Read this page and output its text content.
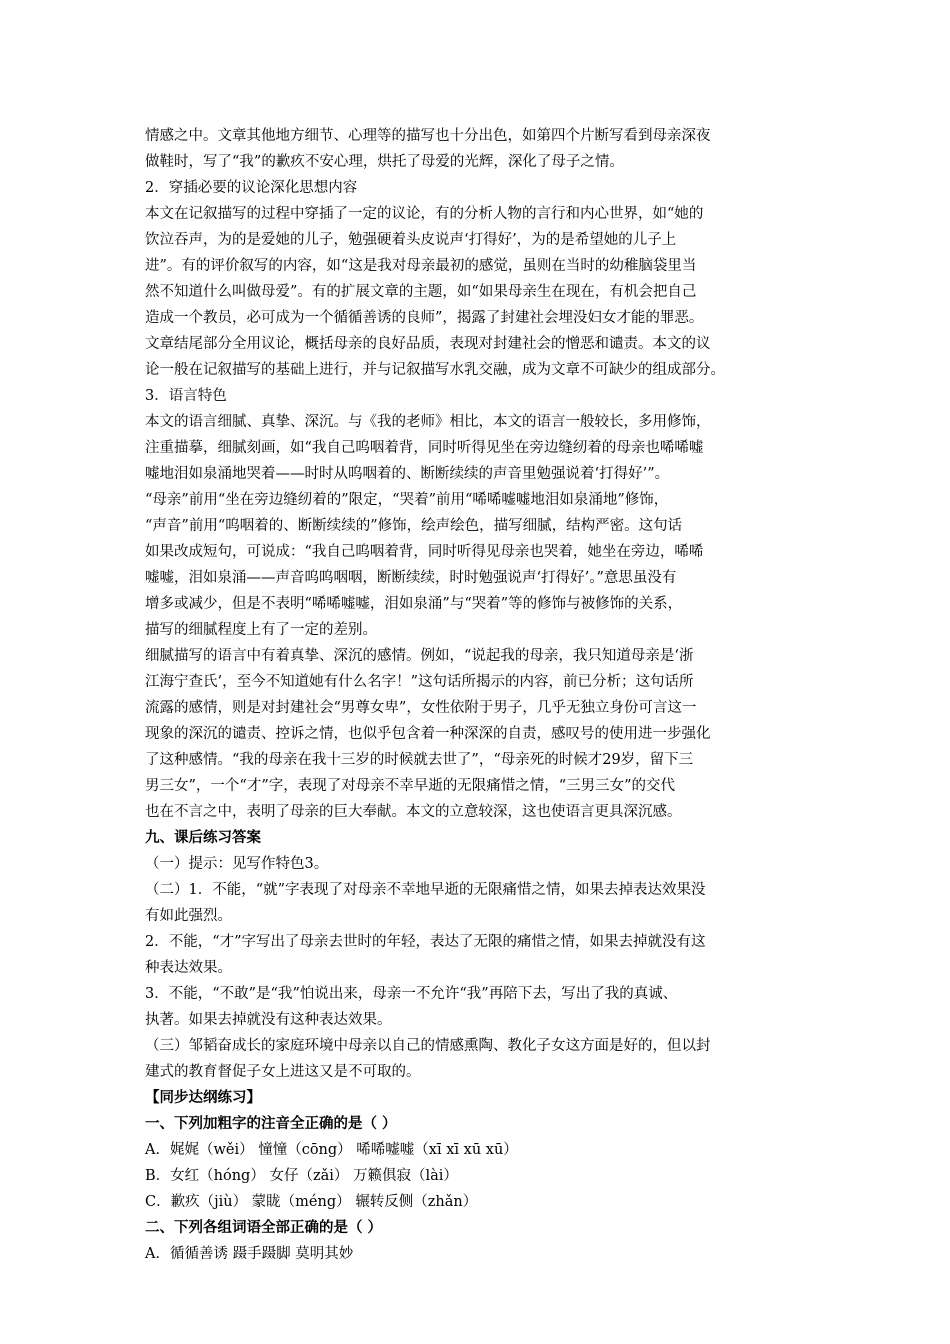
情感之中。文章其他地方细节、心理等的描写也十分出色，如第四个片断写看到母亲深夜
做鞋时，写了“我”的歉疚不安心理，烘托了母爱的光辉，深化了母子之情。
2．穿插必要的议论深化思想内容
本文在记叙描写的过程中穿插了一定的议论，有的分析人物的言行和内心世界，如“她的
饮泣吞声，为的是爱她的儿子，勉强硬着头皮说声‘打得好’，为的是希望她的儿子上
进”。有的评价叙写的内容，如“这是我对母亲最初的感觉，虽则在当时的幼稚脑袋里当
然不知道什么叫做母爱”。有的扩展文章的主题，如“如果母亲生在现在，有机会把自己
造成一个教员，必可成为一个循循善诱的良师”，揭露了封建社会埋没妇女才能的罪恶。
文章结尾部分全用议论，概括母亲的良好品质，表现对封建社会的憎恶和谴责。本文的议
论一般在记叙描写的基础上进行，并与记叙描写水乳交融，成为文章不可缺少的组成部分。
3．语言特色
本文的语言细腻、真挚、深沉。与《我的老师》相比，本文的语言一般较长，多用修饰，
注重描摹，细腻刻画，如“我自己呜咽着背，同时听得见坐在旁边缝纫着的母亲也唏唏嘘
嘘地泪如泉涌地哭着——时时从呜咽着的、断断续续的声音里勉强说着‘打得好’”。
“母亲”前用“坐在旁边缝纫着的”限定，“哭着”前用“唏唏嘘嘘地泪如泉涌地”修饰，
“声音”前用“呜咽着的、断断续续的”修饰，绘声绘色，描写细腻，结构严密。这句话
如果改成短句，可说成：“我自己呜咽着背，同时听得见母亲也哭着，她坐在旁边，唏唏
嘘嘘，泪如泉涌——声音呜呜咽咽，断断续续，时时勉强说声‘打得好’。”意思虽没有
增多或减少，但是不表明“唏唏嘘嘘，泪如泉涌”与“哭着”等的修饰与被修饰的关系，
描写的细腻程度上有了一定的差别。
细腻描写的语言中有着真挚、深沉的感情。例如，“说起我的母亲，我只知道母亲是‘浙
江海宁查氏’，至今不知道她有什么名字！”这句话所揭示的内容，前已分析；这句话所
流露的感情，则是对封建社会“男尊女卑”，女性依附于男子，几乎无独立身份可言这一
现象的深沉的谴责、控诉之情，也似乎包含着一种深深的自责，感叹号的使用进一步强化
了这种感情。“我的母亲在我十三岁的时候就去世了”，“母亲死的时候才29岁，留下三
男三女”，一个“才”字，表现了对母亲不幸早逝的无限痛惜之情，“三男三女”的交代
也在不言之中，表明了母亲的巨大奉献。本文的立意较深，这也使语言更具深沉感。
九、课后练习答案
（一）提示：见写作特色3。
（二）1．不能，“就”字表现了对母亲不幸地早逝的无限痛惜之情，如果去掉表达效果没
有如此强烈。
2．不能，“才”字写出了母亲去世时的年轻，表达了无限的痛惜之情，如果去掉就没有这
种表达效果。
3．不能，“不敢”是“我”怕说出来，母亲一不允许“我”再陪下去，写出了我的真诚、
执著。如果去掉就没有这种表达效果。
（三）邹韬奋成长的家庭环境中母亲以自己的情感熏陶、教化子女这方面是好的，但以封
建式的教育督促子女上进这又是不可取的。
【同步达纲练习】
一、下列加粗字的注音全正确的是（ ）
A．娓娓（wěi） 憧憧（cōng） 唏唏嘘嘘（xī xī xū xū）
B．女红（hóng） 女仔（zǎi） 万籁俱寂（lài）
C．歉疚（jiù） 蒙眬（méng） 辗转反侧（zhǎn）
二、下列各组词语全部正确的是（ ）
A．循循善诱 蹑手蹑脚 莫明其妙
